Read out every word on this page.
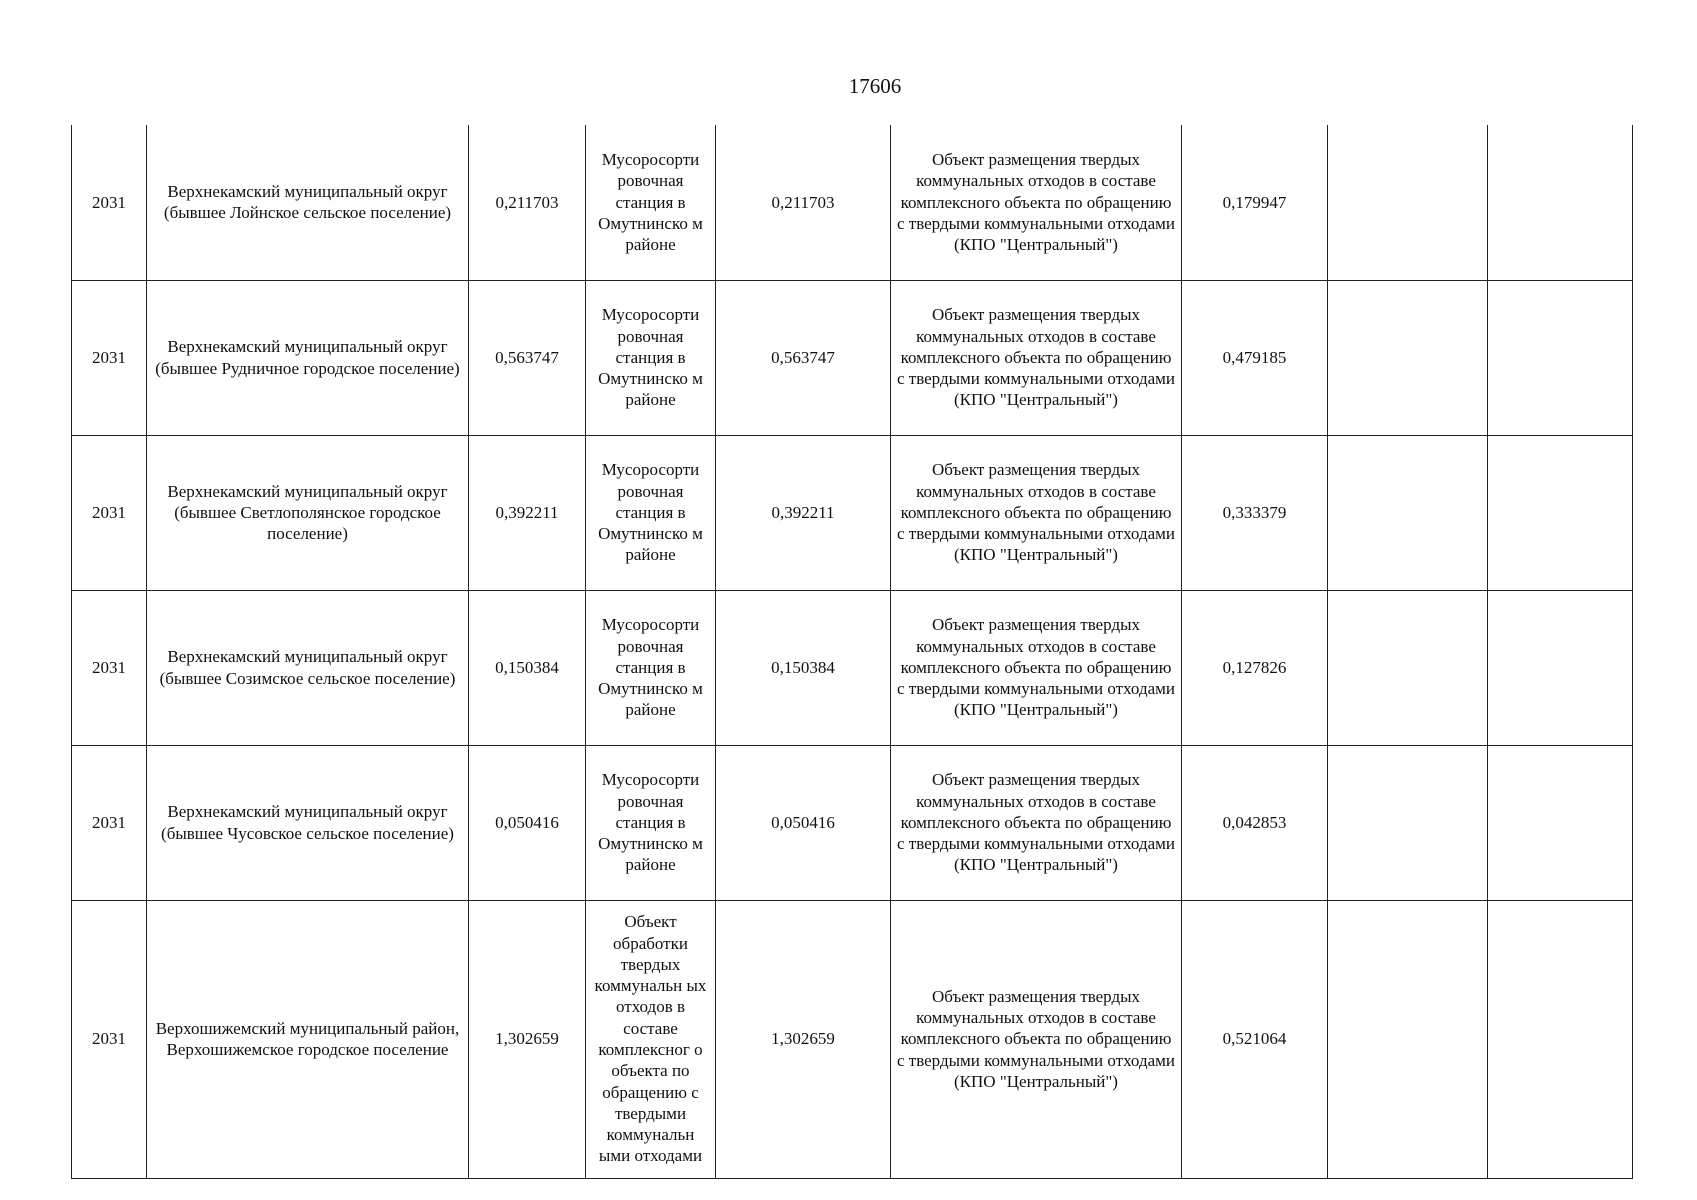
17606
2031	Верхнекамский муниципальный округ (бывшее Лойнское сельское поселение)	0,211703	Мусоросорти ровочная станция в Омутнинско м районе	0,211703	Объект размещения твердых коммунальных отходов в составе комплексного объекта по обращению с твердыми коммунальными отходами (КПО "Центральный")	0,179947		
2031	Верхнекамский муниципальный округ (бывшее Рудничное городское поселение)	0,563747	Мусоросорти ровочная станция в Омутнинско м районе	0,563747	Объект размещения твердых коммунальных отходов в составе комплексного объекта по обращению с твердыми коммунальными отходами (КПО "Центральный")	0,479185		
2031	Верхнекамский муниципальный округ (бывшее Светлополянское городское поселение)	0,392211	Мусоросорти ровочная станция в Омутнинско м районе	0,392211	Объект размещения твердых коммунальных отходов в составе комплексного объекта по обращению с твердыми коммунальными отходами (КПО "Центральный")	0,333379		
2031	Верхнекамский муниципальный округ (бывшее Созимское сельское поселение)	0,150384	Мусоросорти ровочная станция в Омутнинско м районе	0,150384	Объект размещения твердых коммунальных отходов в составе комплексного объекта по обращению с твердыми коммунальными отходами (КПО "Центральный")	0,127826		
2031	Верхнекамский муниципальный округ (бывшее Чусовское сельское поселение)	0,050416	Мусоросорти ровочная станция в Омутнинско м районе	0,050416	Объект размещения твердых коммунальных отходов в составе комплексного объекта по обращению с твердыми коммунальными отходами (КПО "Центральный")	0,042853		
2031	Верхошижемский муниципальный район, Верхошижемское городское поселение	1,302659	Объект обработки твердых коммунальн ых отходов в составе комплексног о объекта по обращению с твердыми коммунальн ыми отходами	1,302659	Объект размещения твердых коммунальных отходов в составе комплексного объекта по обращению с твердыми коммунальными отходами (КПО "Центральный")	0,521064		
